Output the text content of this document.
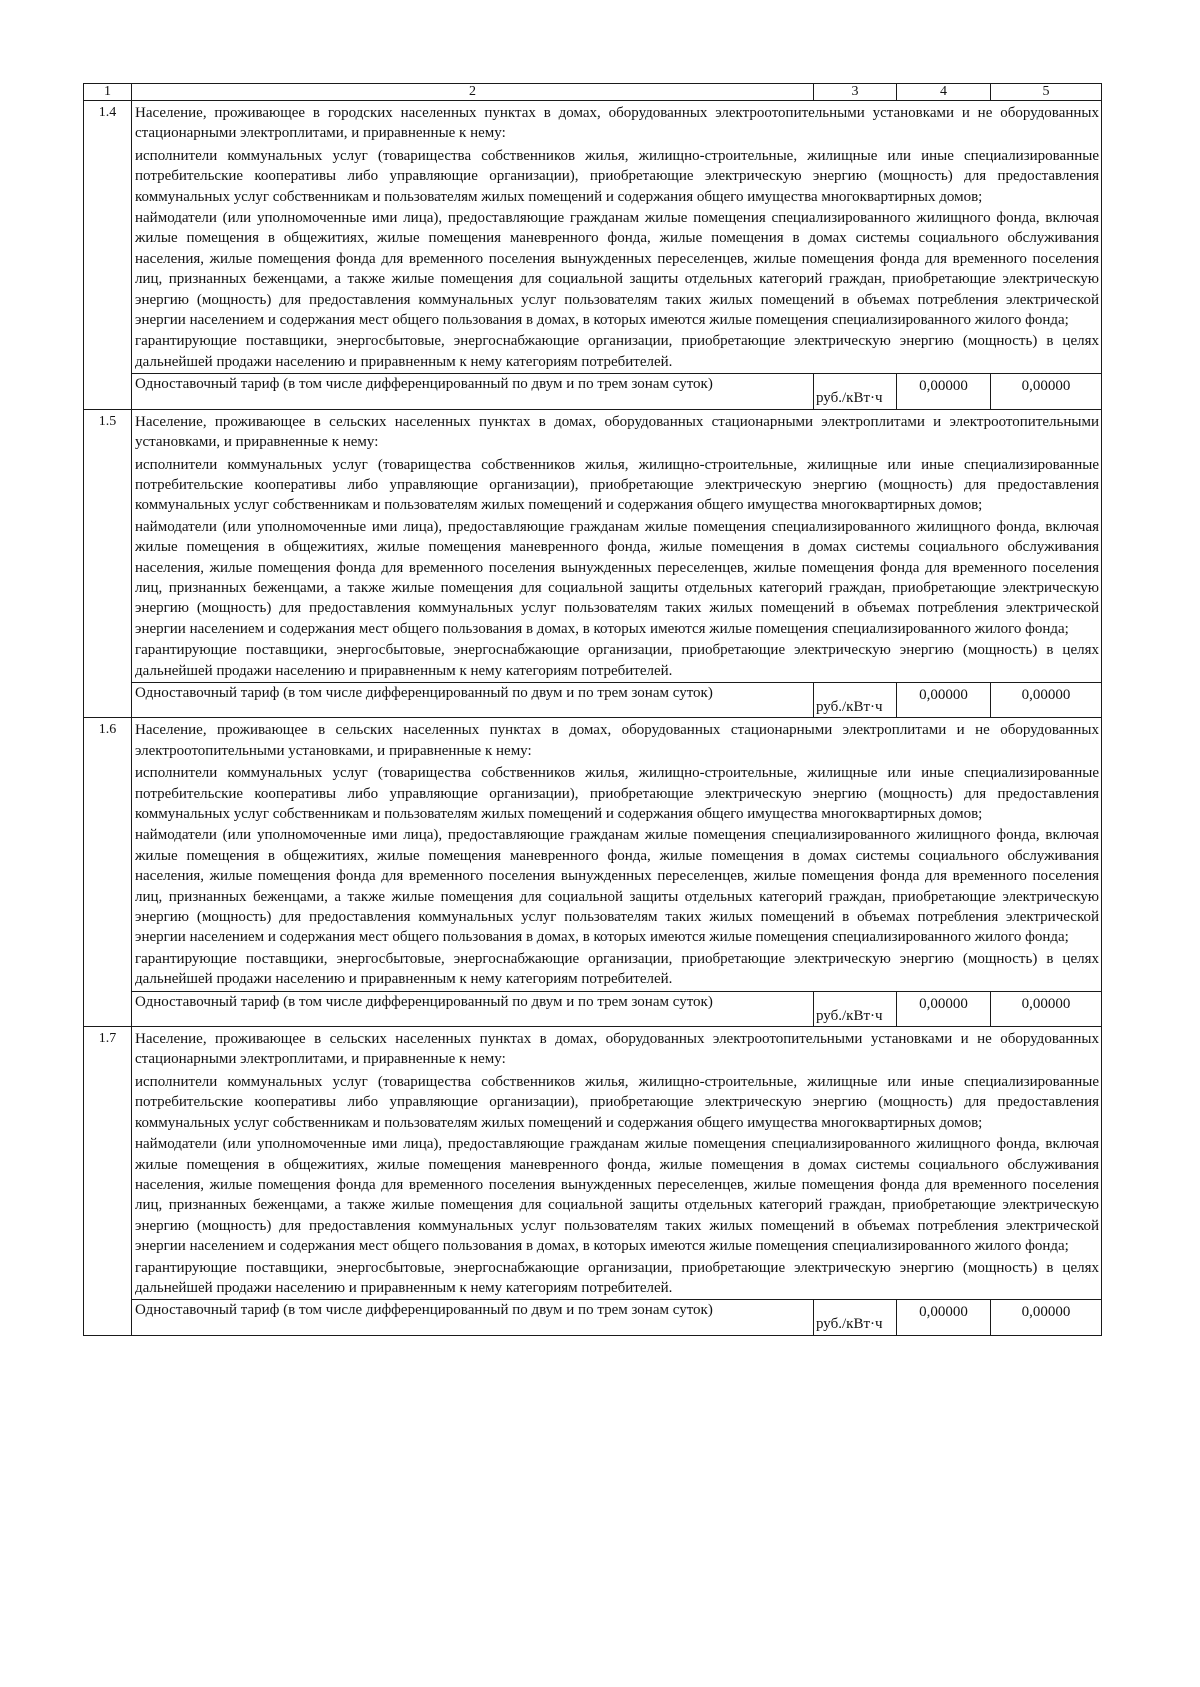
1	2	3	4	5
1.4	Население, проживающее в городских населенных пунктах в домах, оборудованных электроотопительными установками и не оборудованных стационарными электроплитами, и приравненные к нему:
исполнители коммунальных услуг (товарищества собственников жилья, жилищно-строительные, жилищные или иные специализированные потребительские кооперативы либо управляющие организации), приобретающие электрическую энергию (мощность) для предоставления коммунальных услуг собственникам и пользователям жилых помещений и содержания общего имущества многоквартирных домов;
наймодатели (или уполномоченные ими лица), предоставляющие гражданам жилые помещения специализированного жилищного фонда, включая жилые помещения в общежитиях, жилые помещения маневренного фонда, жилые помещения в домах системы социального обслуживания населения, жилые помещения фонда для временного поселения вынужденных переселенцев, жилые помещения фонда для временного поселения лиц, признанных беженцами, а также жилые помещения для социальной защиты отдельных категорий граждан, приобретающие электрическую энергию (мощность) для предоставления коммунальных услуг пользователям таких жилых помещений в объемах потребления электрической энергии населением и содержания мест общего пользования в домах, в которых имеются жилые помещения специализированного жилого фонда;
гарантирующие поставщики, энергосбытовые, энергоснабжающие организации, приобретающие электрическую энергию (мощность) в целях дальнейшей продажи населению и приравненным к нему категориям потребителей.			

	Одноставочный тариф (в том числе дифференцированный по двум и по трем зонам суток)	руб./кВт·ч	0,00000	0,00000
1.5	Население, проживающее в сельских населенных пунктах в домах, оборудованных стационарными электроплитами и электроотопительными установками, и приравненные к нему:
исполнители коммунальных услуг (товарищества собственников жилья, жилищно-строительные, жилищные или иные специализированные потребительские кооперативы либо управляющие организации), приобретающие электрическую энергию (мощность) для предоставления коммунальных услуг собственникам и пользователям жилых помещений и содержания общего имущества многоквартирных домов;
наймодатели (или уполномоченные ими лица), предоставляющие гражданам жилые помещения специализированного жилищного фонда, включая жилые помещения в общежитиях, жилые помещения маневренного фонда, жилые помещения в домах системы социального обслуживания населения, жилые помещения фонда для временного поселения вынужденных переселенцев, жилые помещения фонда для временного поселения лиц, признанных беженцами, а также жилые помещения для социальной защиты отдельных категорий граждан, приобретающие электрическую энергию (мощность) для предоставления коммунальных услуг пользователям таких жилых помещений в объемах потребления электрической энергии населением и содержания мест общего пользования в домах, в которых имеются жилые помещения специализированного жилого фонда;
гарантирующие поставщики, энергосбытовые, энергоснабжающие организации, приобретающие электрическую энергию (мощность) в целях дальнейшей продажи населению и приравненным к нему категориям потребителей.			

	Одноставочный тариф (в том числе дифференцированный по двум и по трем зонам суток)	руб./кВт·ч	0,00000	0,00000
1.6	Население, проживающее в сельских населенных пунктах в домах, оборудованных стационарными электроплитами и не оборудованных электроотопительными установками, и приравненные к нему:
исполнители коммунальных услуг (товарищества собственников жилья, жилищно-строительные, жилищные или иные специализированные потребительские кооперативы либо управляющие организации), приобретающие электрическую энергию (мощность) для предоставления коммунальных услуг собственникам и пользователям жилых помещений и содержания общего имущества многоквартирных домов;
наймодатели (или уполномоченные ими лица), предоставляющие гражданам жилые помещения специализированного жилищного фонда, включая жилые помещения в общежитиях, жилые помещения маневренного фонда, жилые помещения в домах системы социального обслуживания населения, жилые помещения фонда для временного поселения вынужденных переселенцев, жилые помещения фонда для временного поселения лиц, признанных беженцами, а также жилые помещения для социальной защиты отдельных категорий граждан, приобретающие электрическую энергию (мощность) для предоставления коммунальных услуг пользователям таких жилых помещений в объемах потребления электрической энергии населением и содержания мест общего пользования в домах, в которых имеются жилые помещения специализированного жилого фонда;
гарантирующие поставщики, энергосбытовые, энергоснабжающие организации, приобретающие электрическую энергию (мощность) в целях дальнейшей продажи населению и приравненным к нему категориям потребителей.			

	Одноставочный тариф (в том числе дифференцированный по двум и по трем зонам суток)	руб./кВт·ч	0,00000	0,00000
1.7	Население, проживающее в сельских населенных пунктах в домах, оборудованных электроотопительными установками и не оборудованных стационарными электроплитами, и приравненные к нему:
исполнители коммунальных услуг (товарищества собственников жилья, жилищно-строительные, жилищные или иные специализированные потребительские кооперативы либо управляющие организации), приобретающие электрическую энергию (мощность) для предоставления коммунальных услуг собственникам и пользователям жилых помещений и содержания общего имущества многоквартирных домов;
наймодатели (или уполномоченные ими лица), предоставляющие гражданам жилые помещения специализированного жилищного фонда, включая жилые помещения в общежитиях, жилые помещения маневренного фонда, жилые помещения в домах системы социального обслуживания населения, жилые помещения фонда для временного поселения вынужденных переселенцев, жилые помещения фонда для временного поселения лиц, признанных беженцами, а также жилые помещения для социальной защиты отдельных категорий граждан, приобретающие электрическую энергию (мощность) для предоставления коммунальных услуг пользователям таких жилых помещений в объемах потребления электрической энергии населением и содержания мест общего пользования в домах, в которых имеются жилые помещения специализированного жилого фонда;
гарантирующие поставщики, энергосбытовые, энергоснабжающие организации, приобретающие электрическую энергию (мощность) в целях дальнейшей продажи населению и приравненным к нему категориям потребителей.			

	Одноставочный тариф (в том числе дифференцированный по двум и по трем зонам суток)	руб./кВт·ч	0,00000	0,00000
